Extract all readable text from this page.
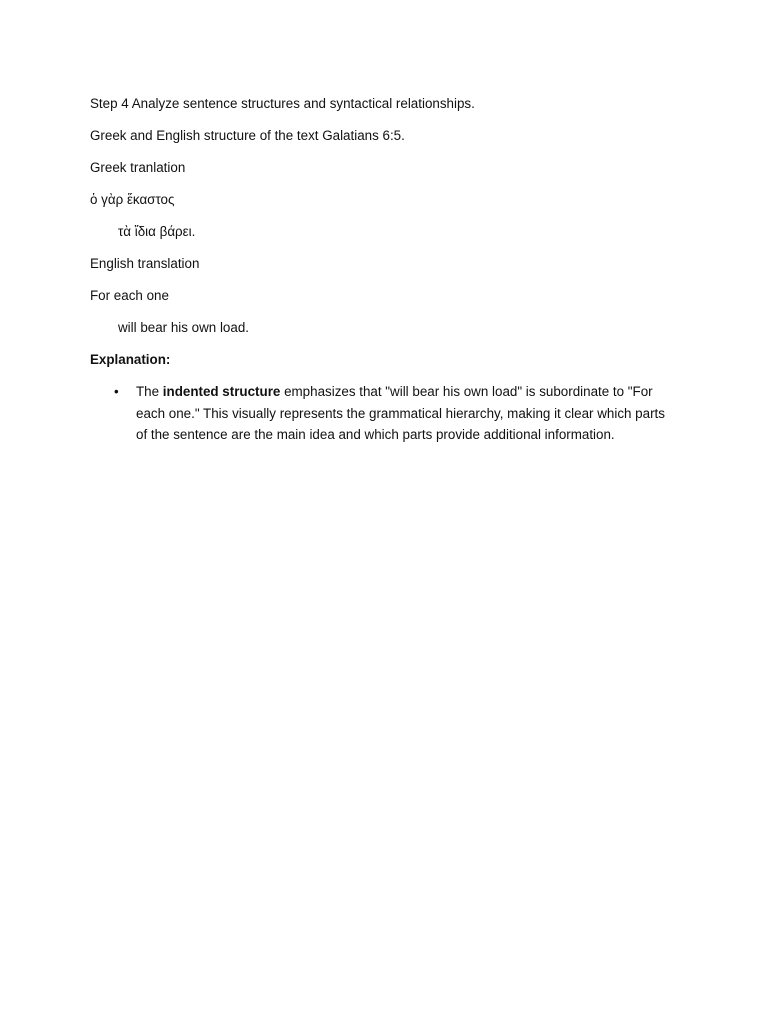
Step 4 Analyze sentence structures and syntactical relationships.

Greek and English structure of the text Galatians 6:5.

Greek tranlation

ὁ γὰρ ἕκαστος

τὰ ἴδια βάρει.

English translation

For each one

will bear his own load.

Explanation:

• The indented structure emphasizes that "will bear his own load" is subordinate to "For each one." This visually represents the grammatical hierarchy, making it clear which parts of the sentence are the main idea and which parts provide additional information.
